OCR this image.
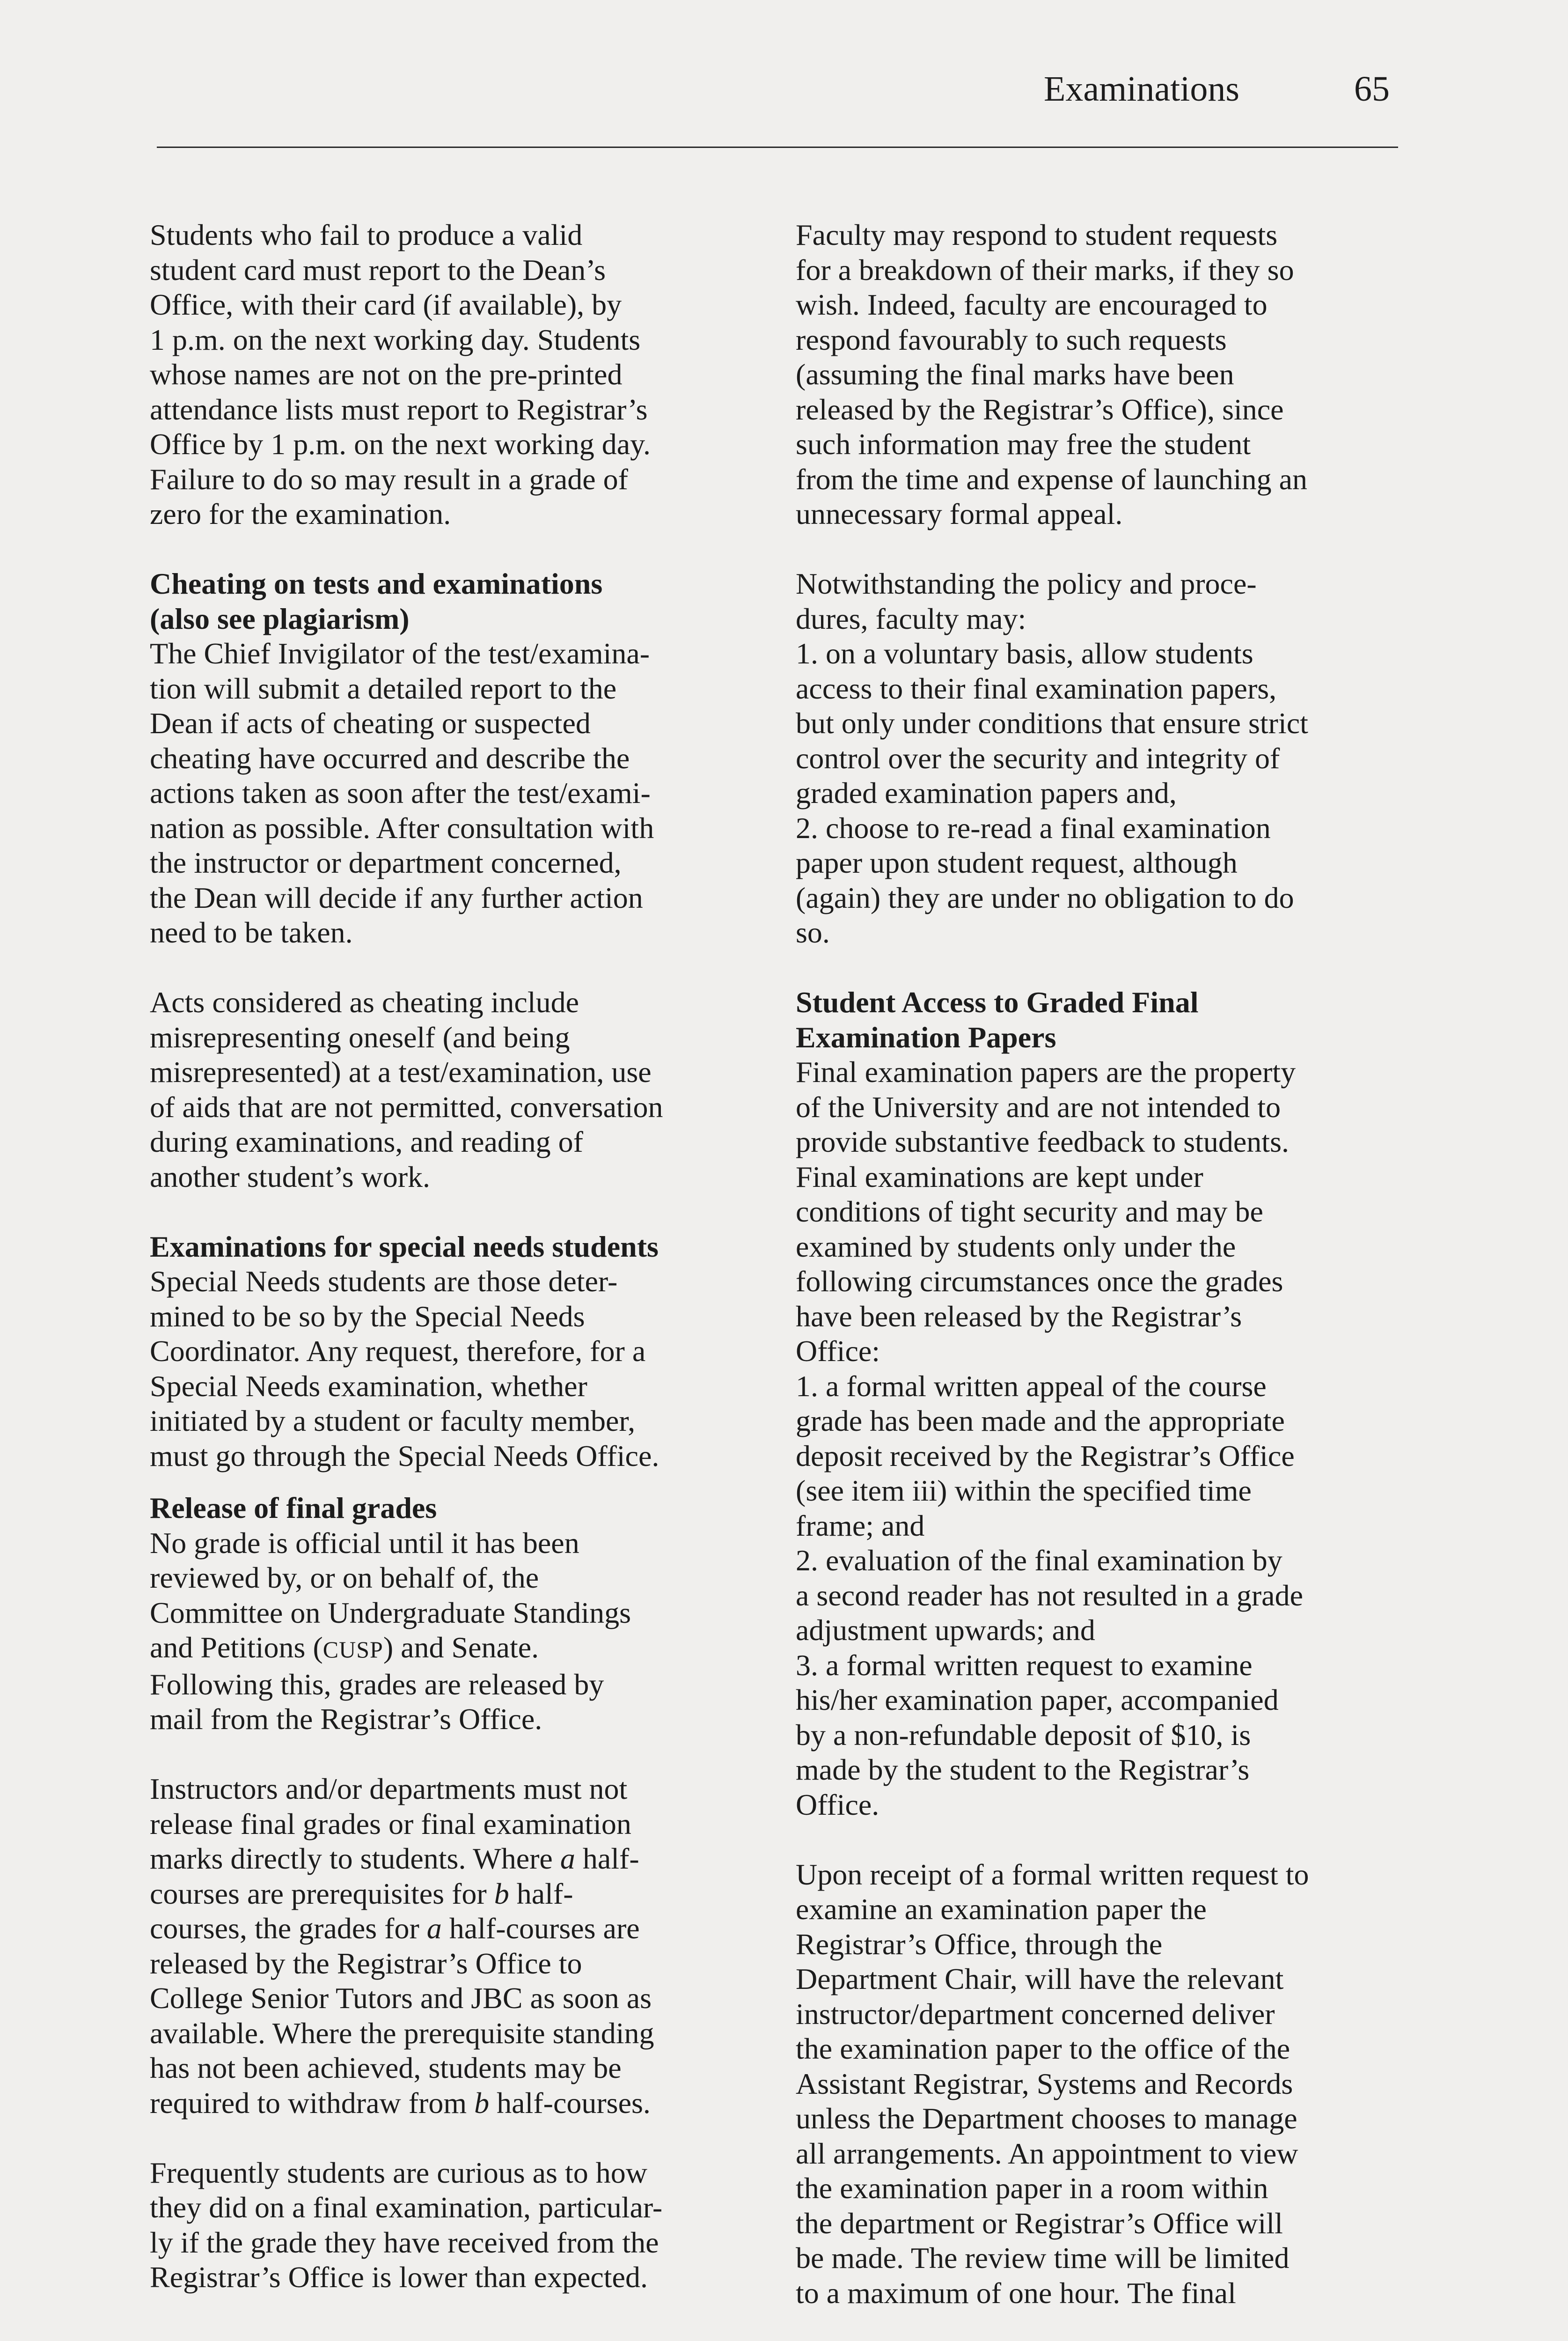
Examinations	65
Students who fail to produce a valid
student card must report to the Dean’s
Office, with their card (if available), by
1 p.m. on the next working day. Students
whose names are not on the pre-printed
attendance lists must report to Registrar’s
Office by 1 p.m. on the next working day.
Failure to do so may result in a grade of
zero for the examination.
Cheating on tests and examinations
(also see plagiarism)
The Chief Invigilator of the test/examina-
tion will submit a detailed report to the
Dean if acts of cheating or suspected
cheating have occurred and describe the
actions taken as soon after the test/exami-
nation as possible. After consultation with
the instructor or department concerned,
the Dean will decide if any further action
need to be taken.
Acts considered as cheating include
misrepresenting oneself (and being
misrepresented) at a test/examination, use
of aids that are not permitted, conversation
during examinations, and reading of
another student’s work.
Examinations for special needs students
Special Needs students are those deter-
mined to be so by the Special Needs
Coordinator. Any request, therefore, for a
Special Needs examination, whether
initiated by a student or faculty member,
must go through the Special Needs Office.
Release of final grades
No grade is official until it has been
reviewed by, or on behalf of, the
Committee on Undergraduate Standings
and Petitions (CUSP) and Senate.
Following this, grades are released by
mail from the Registrar’s Office.
Instructors and/or departments must not
release final grades or final examination
marks directly to students. Where a half-
courses are prerequisites for b half-
courses, the grades for a half-courses are
released by the Registrar’s Office to
College Senior Tutors and JBC as soon as
available. Where the prerequisite standing
has not been achieved, students may be
required to withdraw from b half-courses.
Frequently students are curious as to how
they did on a final examination, particular-
ly if the grade they have received from the
Registrar’s Office is lower than expected.
Faculty may respond to student requests
for a breakdown of their marks, if they so
wish. Indeed, faculty are encouraged to
respond favourably to such requests
(assuming the final marks have been
released by the Registrar’s Office), since
such information may free the student
from the time and expense of launching an
unnecessary formal appeal.
Notwithstanding the policy and proce-
dures, faculty may:
1. on a voluntary basis, allow students
access to their final examination papers,
but only under conditions that ensure strict
control over the security and integrity of
graded examination papers and,
2. choose to re-read a final examination
paper upon student request, although
(again) they are under no obligation to do
so.
Student Access to Graded Final
Examination Papers
Final examination papers are the property
of the University and are not intended to
provide substantive feedback to students.
Final examinations are kept under
conditions of tight security and may be
examined by students only under the
following circumstances once the grades
have been released by the Registrar’s
Office:
1. a formal written appeal of the course
grade has been made and the appropriate
deposit received by the Registrar’s Office
(see item iii) within the specified time
frame; and
2. evaluation of the final examination by
a second reader has not resulted in a grade
adjustment upwards; and
3. a formal written request to examine
his/her examination paper, accompanied
by a non-refundable deposit of $10, is
made by the student to the Registrar’s
Office.
Upon receipt of a formal written request to
examine an examination paper the
Registrar’s Office, through the
Department Chair, will have the relevant
instructor/department concerned deliver
the examination paper to the office of the
Assistant Registrar, Systems and Records
unless the Department chooses to manage
all arrangements. An appointment to view
the examination paper in a room within
the department or Registrar’s Office will
be made. The review time will be limited
to a maximum of one hour. The final
